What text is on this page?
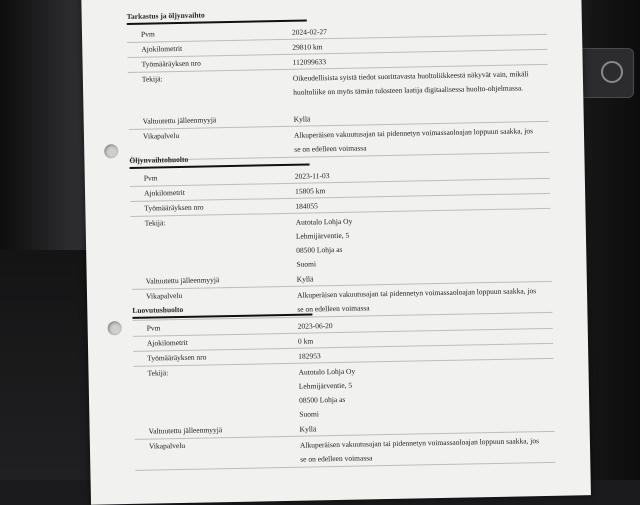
Tarkastus ja öljynvaihto
Pvm	2024-02-27
Ajokilometrit	29810 km
Työmääräyksen nro	112099633
Tekijä:	Oikeudellisista syistä tiedot suorittavasta huoltoliikkeestä näkyvät vain, mikäli
huoltoliike on myös tämän tulosteen laatija digitaalisessa huolto-ohjelmassa.
Valtuutettu jälleenmyyjä	Kyllä
Vikapalvelu	Alkuperäisen vakuutusajan tai pidennetyn voimassaoloajan loppuun saakka, jos
se on edelleen voimassa
Öljynvaihtohuolto
Pvm	2023-11-03
Ajokilometrit	15805 km
Työmääräyksen nro	184055
Tekijä:	Autotalo Lohja Oy
Lehmijärventie, 5
08500 Lohja as
Suomi
Valtuutettu jälleenmyyjä	Kyllä
Vikapalvelu	Alkuperäisen vakuutusajan tai pidennetyn voimassaoloajan loppuun saakka, jos
se on edelleen voimassa
Luovutushuolto
Pvm	2023-06-20
Ajokilometrit	0 km
Työmääräyksen nro	182953
Tekijä:	Autotalo Lohja Oy
Lehmijärventie, 5
08500 Lohja as
Suomi
Valtuutettu jälleenmyyjä	Kyllä
Vikapalvelu	Alkuperäisen vakuutusajan tai pidennetyn voimassaoloajan loppuun saakka, jos
se on edelleen voimassa
